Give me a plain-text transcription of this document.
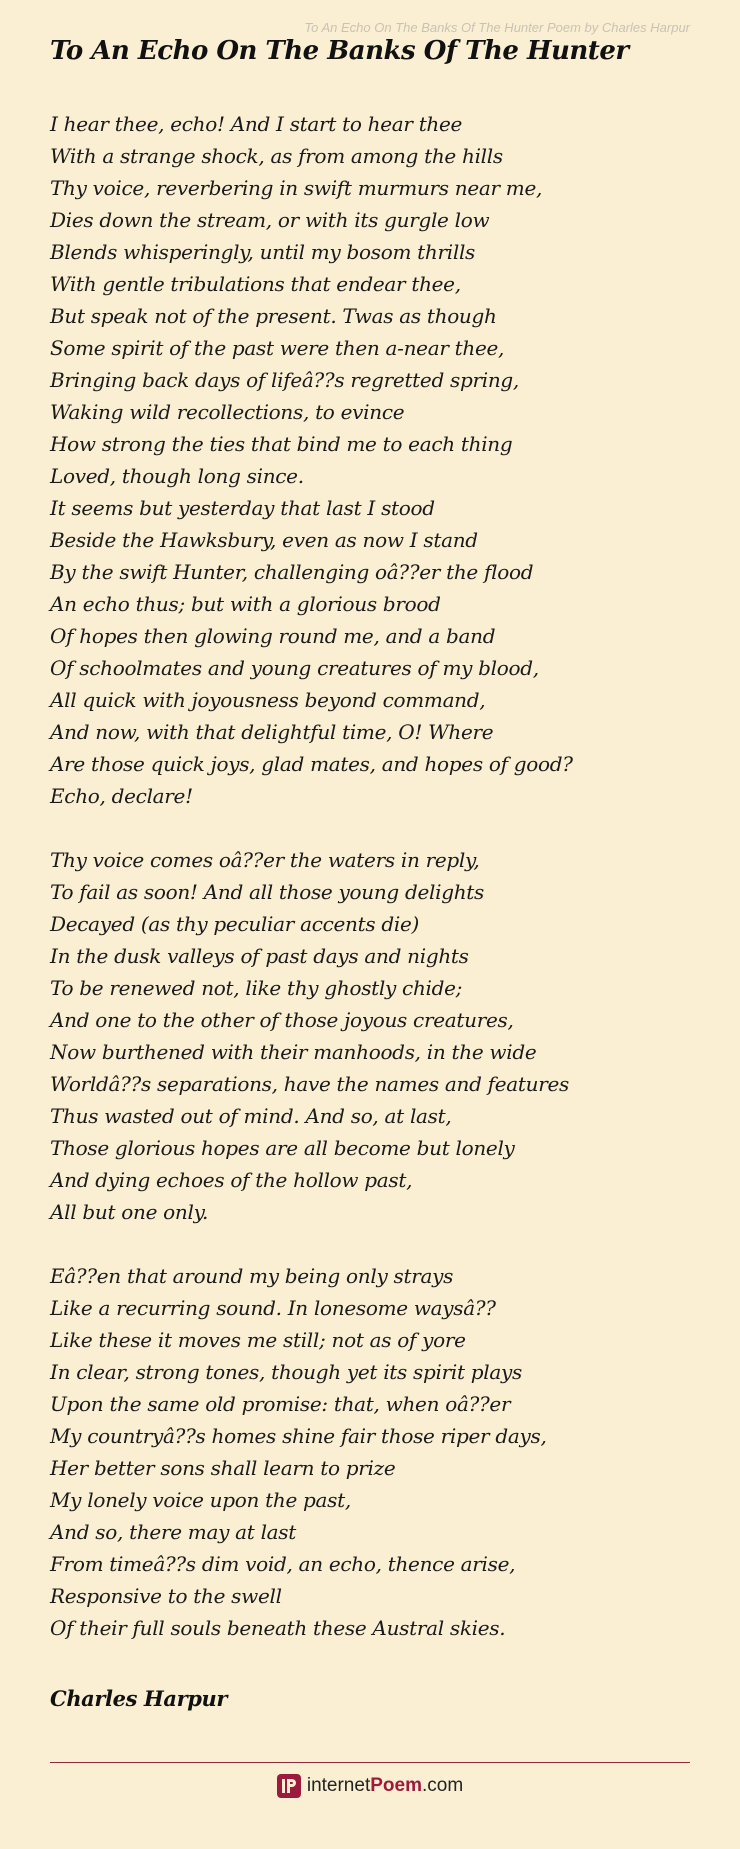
To An Echo On The Banks Of The Hunter Poem by Charles Harpur
To An Echo On The Banks Of The Hunter
I hear thee, echo! And I start to hear thee
With a strange shock, as from among the hills
Thy voice, reverbering in swift murmurs near me,
Dies down the stream, or with its gurgle low
Blends whisperingly, until my bosom thrills
With gentle tribulations that endear thee,
But speak not of the present. Twas as though
Some spirit of the past were then a-near thee,
Bringing back days of lifeâ??s regretted spring,
Waking wild recollections, to evince
How strong the ties that bind me to each thing
Loved, though long since.
It seems but yesterday that last I stood
Beside the Hawksbury, even as now I stand
By the swift Hunter, challenging oâ??er the flood
An echo thus; but with a glorious brood
Of hopes then glowing round me, and a band
Of schoolmates and young creatures of my blood,
All quick with joyousness beyond command,
And now, with that delightful time, O! Where
Are those quick joys, glad mates, and hopes of good?
Echo, declare!
Thy voice comes oâ??er the waters in reply,
To fail as soon! And all those young delights
Decayed (as thy peculiar accents die)
In the dusk valleys of past days and nights
To be renewed not, like thy ghostly chide;
And one to the other of those joyous creatures,
Now burthened with their manhoods, in the wide
Worldâ??s separations, have the names and features
Thus wasted out of mind. And so, at last,
Those glorious hopes are all become but lonely
And dying echoes of the hollow past,
All but one only.
Eâ??en that around my being only strays
Like a recurring sound. In lonesome waysâ??
Like these it moves me still; not as of yore
In clear, strong tones, though yet its spirit plays
Upon the same old promise: that, when oâ??er
My countryâ??s homes shine fair those riper days,
Her better sons shall learn to prize
My lonely voice upon the past,
And so, there may at last
From timeâ??s dim void, an echo, thence arise,
Responsive to the swell
Of their full souls beneath these Austral skies.
Charles Harpur
internetPoem.com
